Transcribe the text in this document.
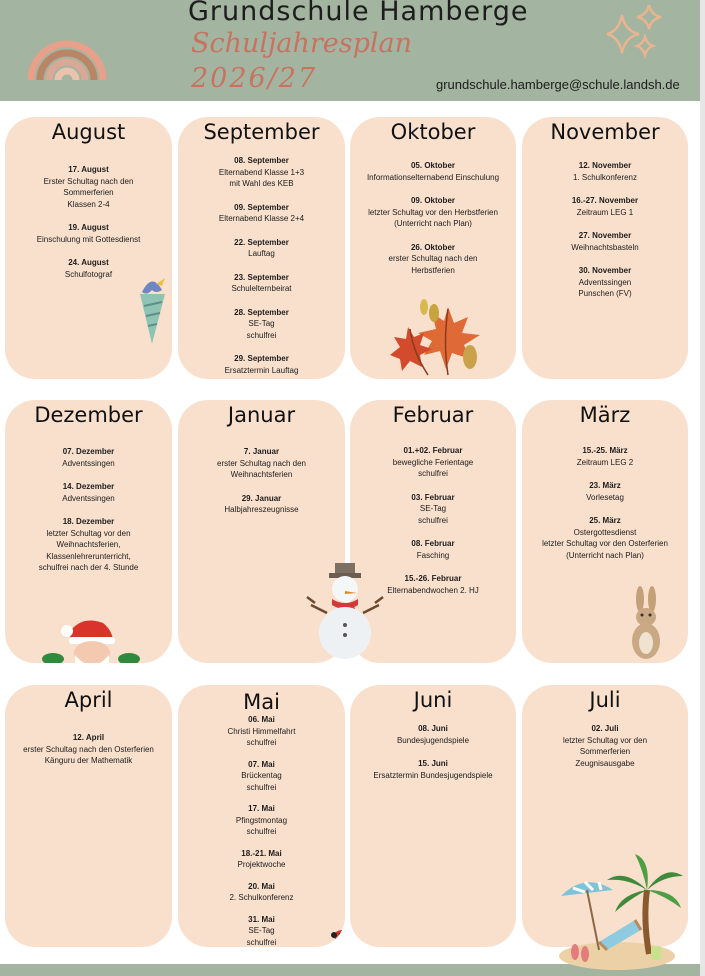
Grundschule Hamberge
Schuljahresplan
2026/27	grundschule.hamberge@schule.landsh.de
August
17. August
Erster Schultag nach den
Sommerferien
Klassen 2-4
19. August
Einschulung mit Gottesdienst
24. August
Schulfotograf
September
08. September
Elternabend Klasse 1+3
mit Wahl des KEB
09. September
Elternabend Klasse 2+4
22. September
Lauftag
23. September
Schulelternbeirat
28. September
SE-Tag
schulfrei
29. September
Ersatztermin Lauftag
Oktober
05. Oktober
Informationselternabend Einschulung
09. Oktober
letzter Schultag vor den Herbstferien
(Unterricht nach Plan)
26. Oktober
erster Schultag nach den
Herbstferien
November
12. November
1. Schulkonferenz
16.-27. November
Zeitraum LEG 1
27. November
Weihnachtsbasteln
30. November
Adventssingen
Punschen (FV)
Dezember
07. Dezember
Adventssingen
14. Dezember
Adventssingen
18. Dezember
letzter Schultag vor den
Weihnachtsferien,
Klassenlehrerunterricht,
schulfrei nach der 4. Stunde
Januar
7. Januar
erster Schultag nach den
Weihnachtsferien
29. Januar
Halbjahreszeugnisse
Februar
01.+02. Februar
bewegliche Ferientage
schulfrei
03. Februar
SE-Tag
schulfrei
08. Februar
Fasching
15.-26. Februar
Elternabendwochen 2. HJ
März
15.-25. März
Zeitraum LEG 2
23. März
Vorlesetag
25. März
Ostergottesdienst
letzter Schultag vor den Osterferien
(Unterricht nach Plan)
April
12. April
erster Schultag nach den Osterferien
Känguru der Mathematik
Mai
06. Mai
Christi Himmelfahrt
schulfrei
07. Mai
Brückentag
schulfrei
17. Mai
Pfingstmontag
schulfrei
18.-21. Mai
Projektwoche
20. Mai
2. Schulkonferenz
31. Mai
SE-Tag
schulfrei
Juni
08. Juni
Bundesjugendspiele
15. Juni
Ersatztermin Bundesjugendspiele
Juli
02. Juli
letzter Schultag vor den
Sommerferien
Zeugnisausgabe
